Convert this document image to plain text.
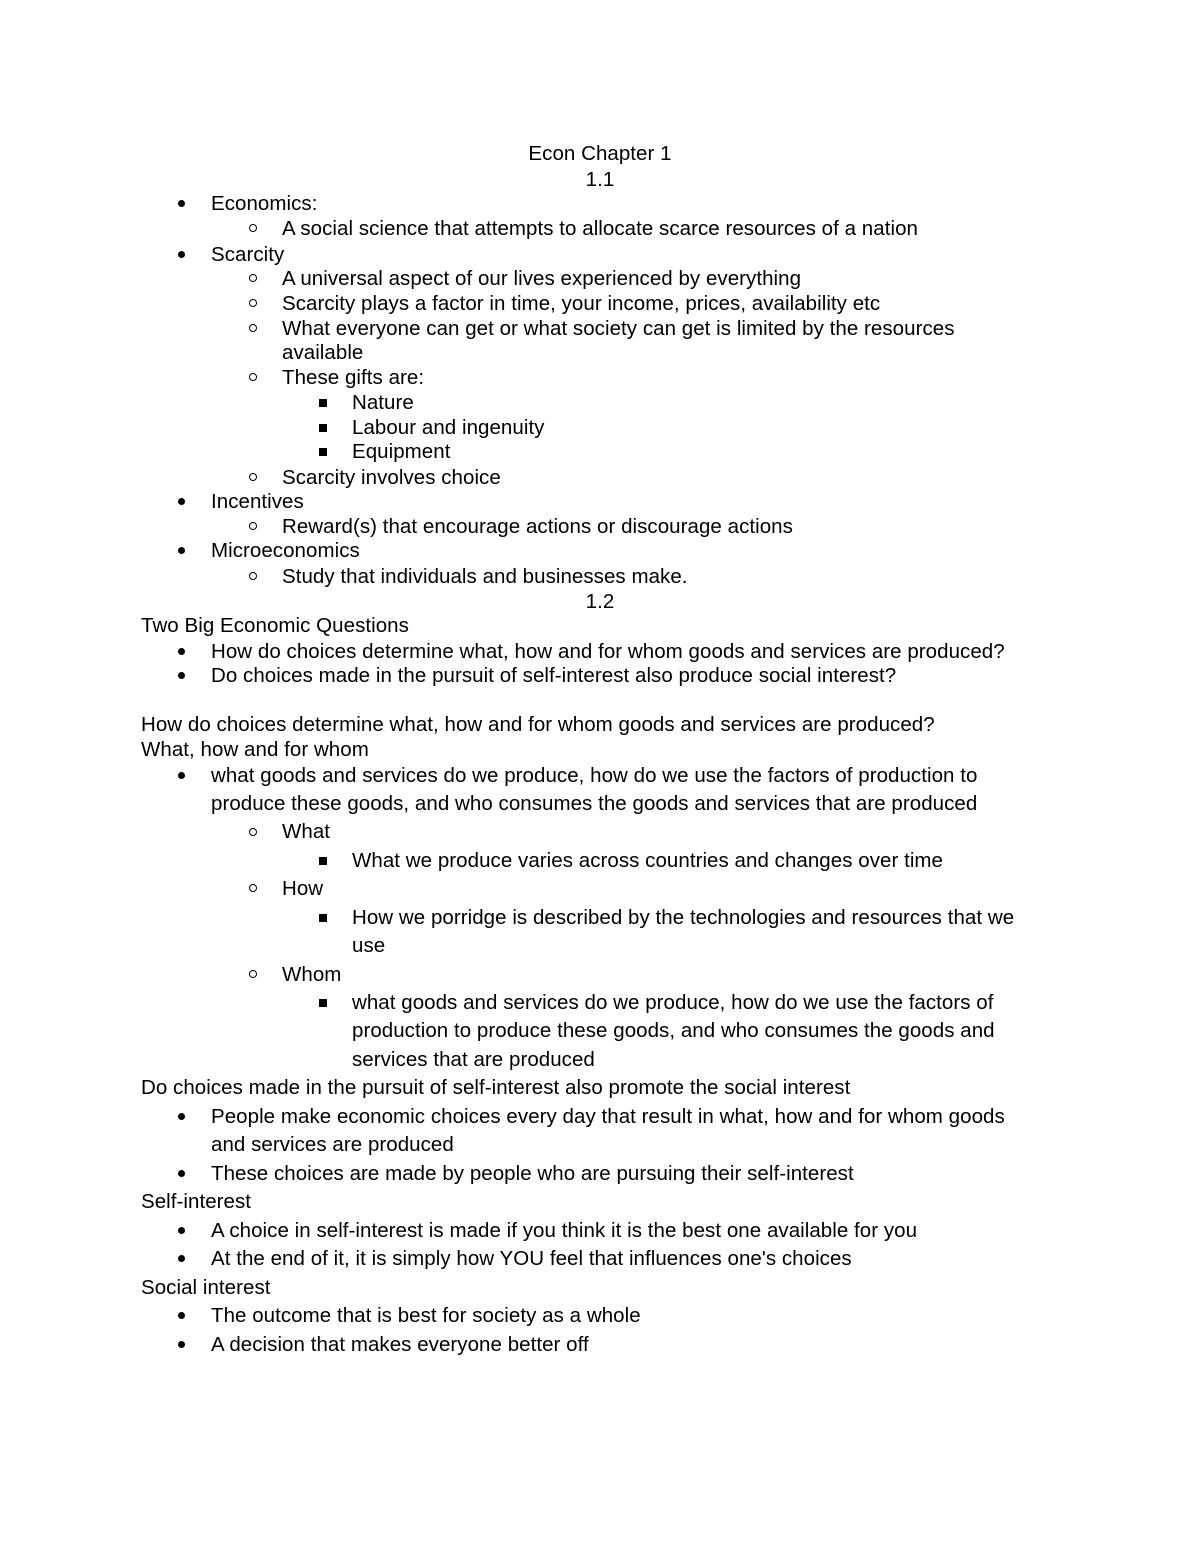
Econ Chapter 1
1.1
Economics:
A social science that attempts to allocate scarce resources of a nation
Scarcity
A universal aspect of our lives experienced by everything
Scarcity plays a factor in time, your income, prices, availability etc
What everyone can get or what society can get is limited by the resources
available
These gifts are:
Nature
Labour and ingenuity
Equipment
Scarcity involves choice
Incentives
Reward(s) that encourage actions or discourage actions
Microeconomics
Study that individuals and businesses make.
1.2
Two Big Economic Questions
How do choices determine what, how and for whom goods and services are produced?
Do choices made in the pursuit of self-interest also produce social interest?
How do choices determine what, how and for whom goods and services are produced?
What, how and for whom
what goods and services do we produce, how do we use the factors of production to
produce these goods, and who consumes the goods and services that are produced
What
What we produce varies across countries and changes over time
How
How we porridge is described by the technologies and resources that we
use
Whom
what goods and services do we produce, how do we use the factors of
production to produce these goods, and who consumes the goods and
services that are produced
Do choices made in the pursuit of self-interest also promote the social interest
People make economic choices every day that result in what, how and for whom goods
and services are produced
These choices are made by people who are pursuing their self-interest
Self-interest
A choice in self-interest is made if you think it is the best one available for you
At the end of it, it is simply how YOU feel that influences one's choices
Social interest
The outcome that is best for society as a whole
A decision that makes everyone better off
